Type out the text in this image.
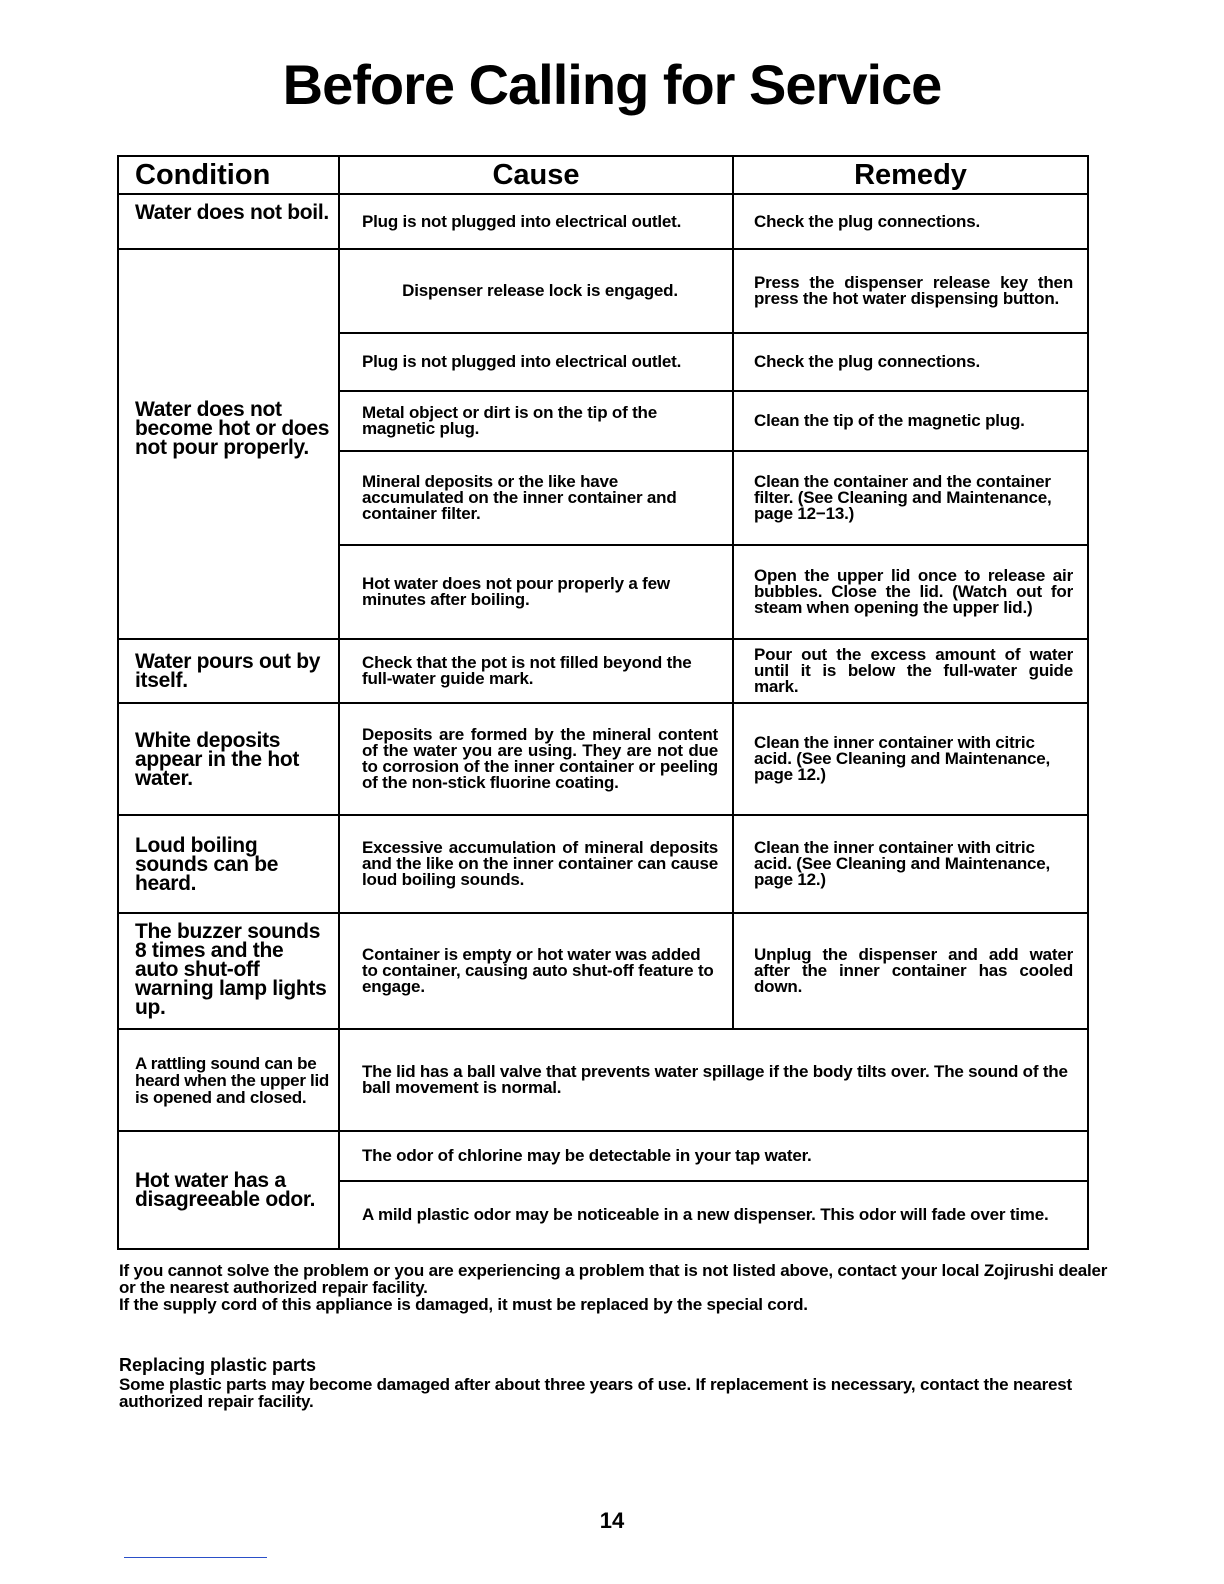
Before Calling for Service
Condition	Cause	Remedy
Water does not boil.	Plug is not plugged into electrical outlet.	Check the plug connections.
Water does not become hot or does not pour properly.	Dispenser release lock is engaged.	Press the dispenser release key then press the hot water dispensing button.
	Plug is not plugged into electrical outlet.	Check the plug connections.
	Metal object or dirt is on the tip of the magnetic plug.	Clean the tip of the magnetic plug.
	Mineral deposits or the like have accumulated on the inner container and container filter.	Clean the container and the container filter. (See Cleaning and Maintenance, page 12−13.)
	Hot water does not pour properly a few minutes after boiling.	Open the upper lid once to release air bubbles. Close the lid. (Watch out for steam when opening the upper lid.)
Water pours out by itself.	Check that the pot is not filled beyond the full-water guide mark.	Pour out the excess amount of water until it is below the full-water guide mark.
White deposits appear in the hot water.	Deposits are formed by the mineral content of the water you are using. They are not due to corrosion of the inner container or peeling of the non-stick fluorine coating.	Clean the inner container with citric acid. (See Cleaning and Maintenance, page 12.)
Loud boiling sounds can be heard.	Excessive accumulation of mineral deposits and the like on the inner container can cause loud boiling sounds.	Clean the inner container with citric acid. (See Cleaning and Maintenance, page 12.)
The buzzer sounds 8 times and the auto shut-off warning lamp lights up.	Container is empty or hot water was added to container, causing auto shut-off feature to engage.	Unplug the dispenser and add water after the inner container has cooled down.
A rattling sound can be heard when the upper lid is opened and closed.	The lid has a ball valve that prevents water spillage if the body tilts over. The sound of the ball movement is normal.	
Hot water has a disagreeable odor.	The odor of chlorine may be detectable in your tap water.	
	A mild plastic odor may be noticeable in a new dispenser. This odor will fade over time.	

If you cannot solve the problem or you are experiencing a problem that is not listed above, contact your local Zojirushi dealer or the nearest authorized repair facility.

If the supply cord of this appliance is damaged, it must be replaced by the special cord.

Replacing plastic parts

Some plastic parts may become damaged after about three years of use. If replacement is necessary, contact the nearest authorized repair facility.

14
